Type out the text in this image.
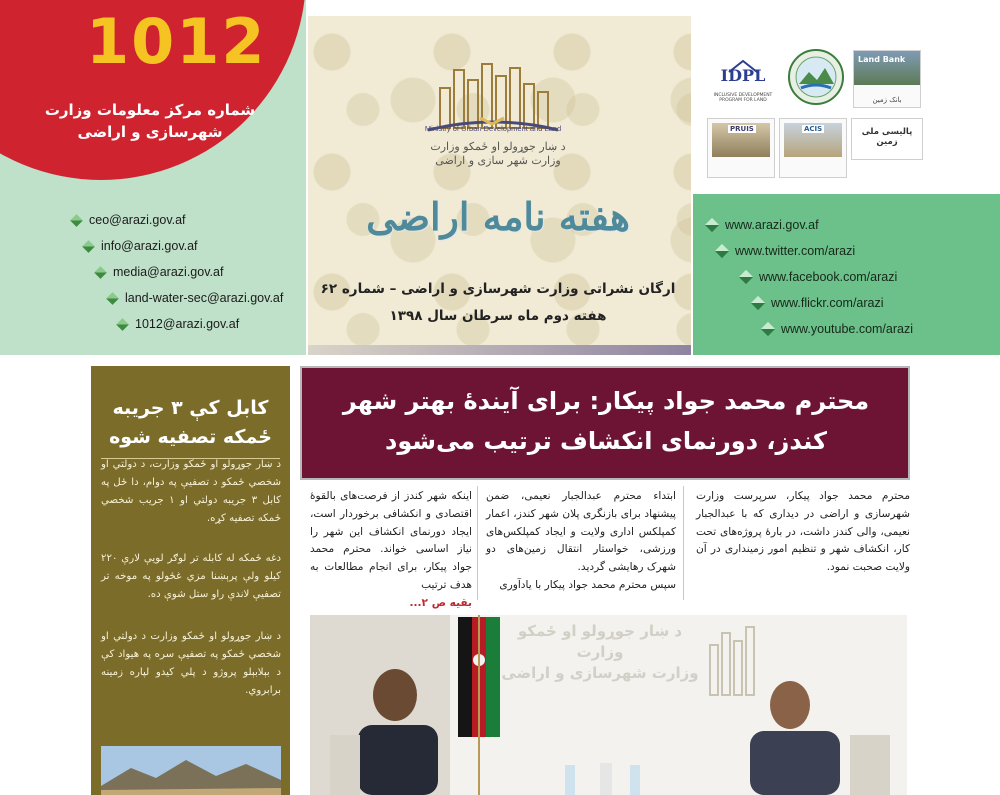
1012
شماره مرکز معلومات وزارت شهرسازی و اراضی
ceo@arazi.gov.af
info@arazi.gov.af
media@arazi.gov.af
land-water-sec@arazi.gov.af
1012@arazi.gov.af
Ministry of Urban Development and Land
د ښار جوړولو او ځمکو وزارت
وزارت شهر سازی و اراضی
هفته نامه اراضی
ارگان نشراتی وزارت شهرسازی و اراضی – شماره ۶۲
هفته دوم ماه سرطان سال ۱۳۹۸
IDPL
INCLUSIVE DEVELOPMENT PROGRAM FOR LAND
Land Bank
بانک زمین
PRUIS	ACIS	پالیسی ملی زمین
www.arazi.gov.af
www.twitter.com/arazi
www.facebook.com/arazi
www.flickr.com/arazi
www.youtube.com/arazi
کابل کې ۳ جریبه ځمکه تصفیه شوه

د ښار جوړولو او ځمکو وزارت، د دولتي او شخصي ځمکو د تصفیې په دوام، دا ځل په کابل ۳ جریبه دولتي او ۱ جریب شخصي ځمکه تصفیه کړه.

دغه ځمکه له کابله تر لوګر لویې لارې ۲۲۰ کیلو ولې پرېښنا مزي غځولو په موخه تر تصفیې لاندې راو ستل شوې ده.

د ښار جوړولو او ځمکو وزارت د دولتي او شخصي ځمکو په تصفیې سره په هیواد کې د بېلابېلو پروژو د پلي کیدو لپاره زمینه برابروي.

محترم محمد جواد پیکار: برای آیندۀ بهتر شهر کندز، دورنمای انکشاف ترتیب می‌شود

محترم محمد جواد پیکار، سرپرست وزارت شهرسازی و اراضی در دیداری که با عبدالجبار نعیمی، والی کندز داشت، در بارۀ پروژه‌های تحت کار، انکشاف شهر و تنظیم امور زمینداری در آن ولایت صحبت نمود.

ابتداء محترم عبدالجبار نعیمی، ضمن پیشنهاد برای بازنگری پلان شهر کندز، اعمار کمپلکس اداری ولایت و ایجاد کمپلکس‌های ورزشی، خواستار انتقال زمین‌های دو شهرک رهایشی گردید.
سپس محترم محمد جواد پیکار با یادآوری
اینکه شهر کندز از فرصت‌های بالقوۀ اقتصادی و انکشافی برخوردار است، ایجاد دورنمای انکشاف این شهر را نیاز اساسی خواند. محترم محمد جواد پیکار، برای انجام مطالعات به هدف ترتیب
بقیه ص ۲...
د ښار جوړولو او ځمکو وزارت
وزارت شهرسازی و اراضی
